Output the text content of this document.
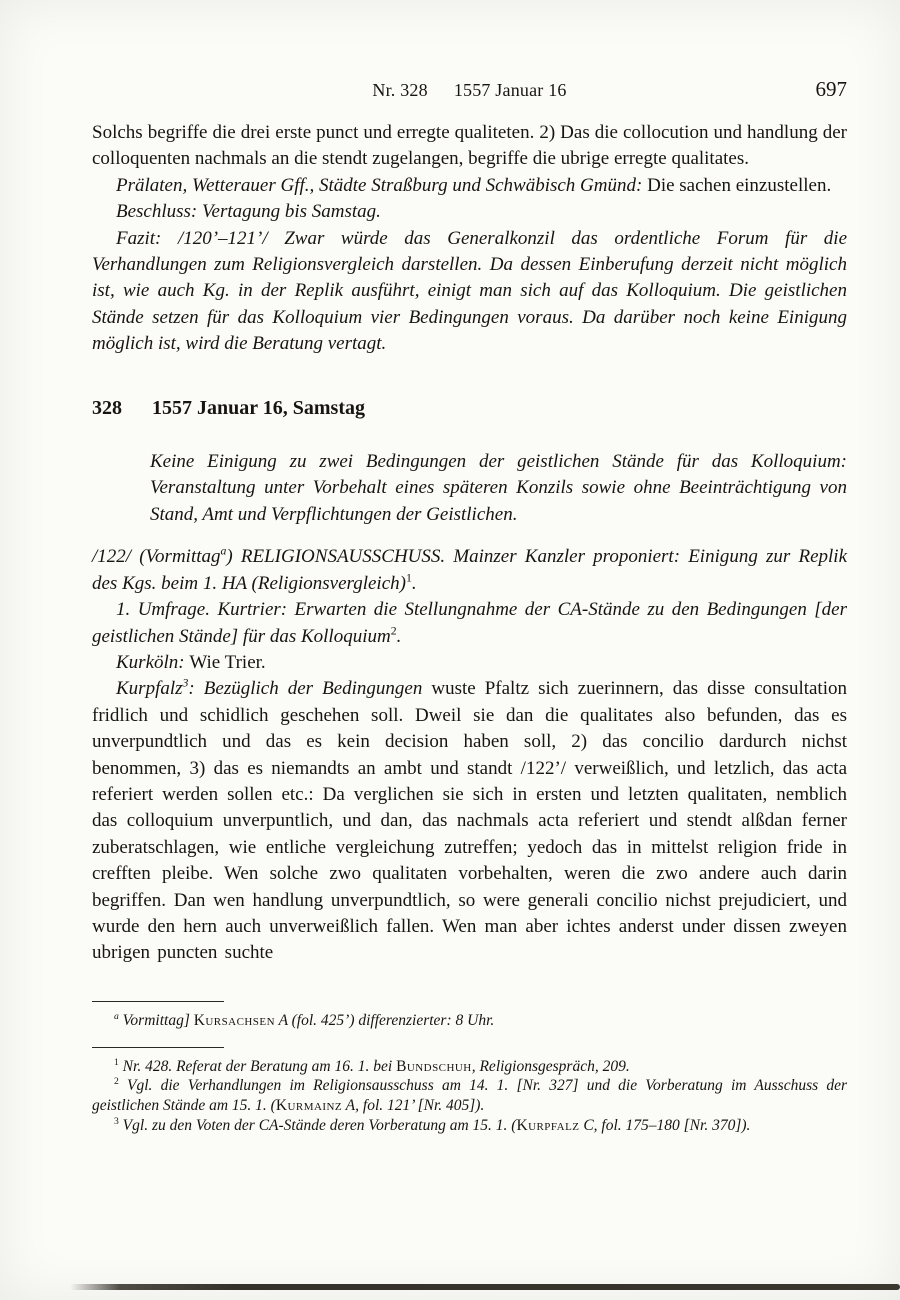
Nr. 328 1557 Januar 16	697

Solchs begriffe die drei erste punct und erregte qualiteten. 2) Das die collocution und handlung der colloquenten nachmals an die stendt zugelangen, begriffe die ubrige erregte qualitates.

Prälaten, Wetterauer Gff., Städte Straßburg und Schwäbisch Gmünd: Die sachen einzustellen.

Beschluss: Vertagung bis Samstag.

Fazit: /120’–121’/ Zwar würde das Generalkonzil das ordentliche Forum für die Verhandlungen zum Religionsvergleich darstellen. Da dessen Einberufung derzeit nicht möglich ist, wie auch Kg. in der Replik ausführt, einigt man sich auf das Kolloquium. Die geistlichen Stände setzen für das Kolloquium vier Bedingungen voraus. Da darüber noch keine Einigung möglich ist, wird die Beratung vertagt.

328 1557 Januar 16, Samstag

Keine Einigung zu zwei Bedingungen der geistlichen Stände für das Kolloquium: Veranstaltung unter Vorbehalt eines späteren Konzils sowie ohne Beeinträchtigung von Stand, Amt und Verpflichtungen der Geistlichen.

/122/ (Vormittag$^a$) RELIGIONSAUSSCHUSS. Mainzer Kanzler proponiert: Einigung zur Replik des Kgs. beim 1. HA (Religionsvergleich)$^1$.

1. Umfrage. Kurtrier: Erwarten die Stellungnahme der CA-Stände zu den Bedingungen [der geistlichen Stände] für das Kolloquium$^2$.

Kurköln: Wie Trier.

Kurpfalz$^3$: Bezüglich der Bedingungen wuste Pfaltz sich zuerinnern, das disse consultation fridlich und schidlich geschehen soll. Dweil sie dan die qualitates also befunden, das es unverpundtlich und das es kein decision haben soll, 2) das concilio dardurch nichst benommen, 3) das es niemandts an ambt und standt /122’/ verweißlich, und letzlich, das acta referiert werden sollen etc.: Da verglichen sie sich in ersten und letzten qualitaten, nemblich das colloquium unverpuntlich, und dan, das nachmals acta referiert und stendt alßdan ferner zuberatschlagen, wie entliche vergleichung zutreffen; yedoch das in mittelst religion fride in crefften pleibe. Wen solche zwo qualitaten vorbehalten, weren die zwo andere auch darin begriffen. Dan wen handlung unverpundtlich, so were generali concilio nichst prejudiciert, und wurde den hern auch unverweißlich fallen. Wen man aber ichtes anderst under dissen zweyen ubrigen puncten suchte

$^a$ Vormittag] Kursachsen A (fol. 425’) differenzierter: 8 Uhr.

$^1$ Nr. 428. Referat der Beratung am 16. 1. bei Bundschuh, Religionsgespräch, 209.

$^2$ Vgl. die Verhandlungen im Religionsausschuss am 14. 1. [Nr. 327] und die Vorberatung im Ausschuss der geistlichen Stände am 15. 1. (Kurmainz A, fol. 121’ [Nr. 405]).

$^3$ Vgl. zu den Voten der CA-Stände deren Vorberatung am 15. 1. (Kurpfalz C, fol. 175–180 [Nr. 370]).
